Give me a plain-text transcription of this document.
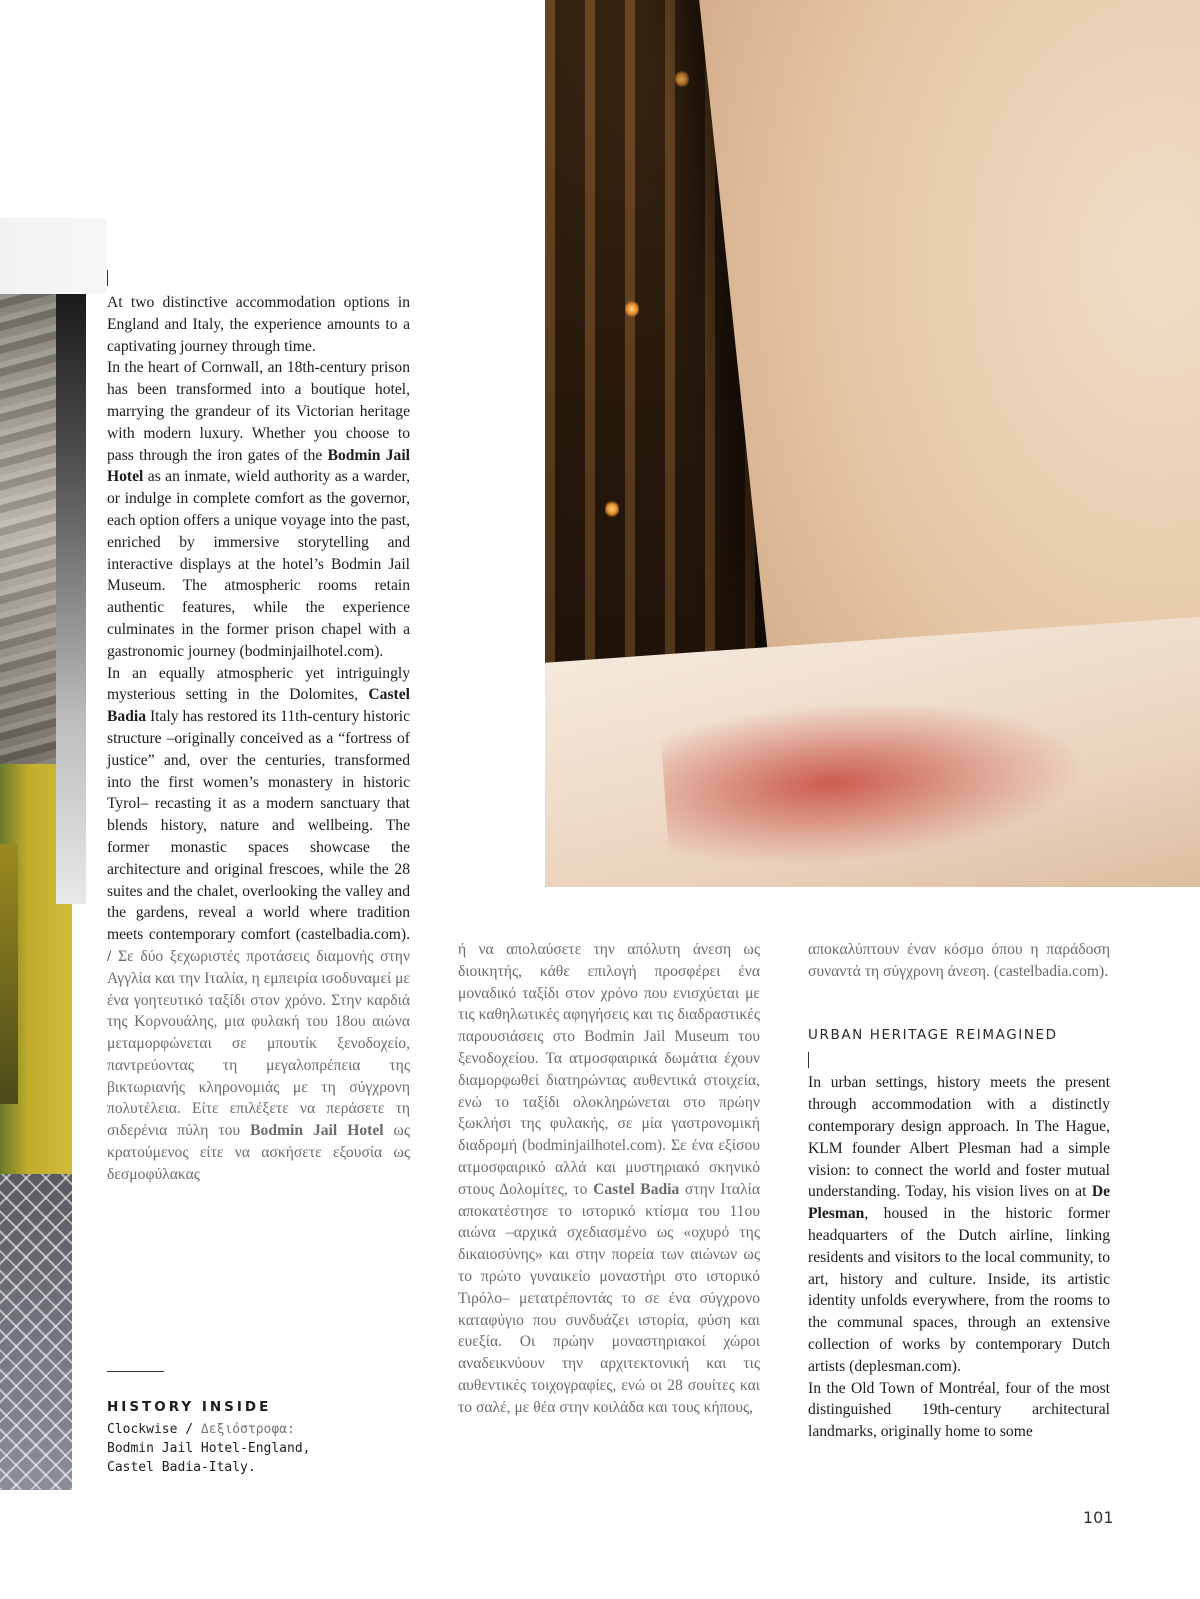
At two distinctive accommodation options in England and Italy, the experience amounts to a captivating journey through time.

In the heart of Cornwall, an 18th-century prison has been transformed into a boutique hotel, marrying the grandeur of its Victorian heritage with modern luxury. Whether you choose to pass through the iron gates of the Bodmin Jail Hotel as an inmate, wield authority as a warder, or indulge in complete comfort as the governor, each option offers a unique voyage into the past, enriched by immersive storytelling and interactive displays at the hotel’s Bodmin Jail Museum. The atmospheric rooms retain authentic features, while the experience culminates in the former prison chapel with a gastronomic journey (bodminjailhotel.com).

In an equally atmospheric yet intriguingly mysterious setting in the Dolomites, Castel Badia Italy has restored its 11th-century historic structure –originally conceived as a “fortress of justice” and, over the centuries, transformed into the first women’s monastery in historic Tyrol– recasting it as a modern sanctuary that blends history, nature and wellbeing. The former monastic spaces showcase the architecture and original frescoes, while the 28 suites and the chalet, overlooking the valley and the gardens, reveal a world where tradition meets contemporary comfort (castelbadia.com). / Σε δύο ξεχωριστές προτάσεις διαμονής στην Αγγλία και την Ιταλία, η εμπειρία ισοδυναμεί με ένα γοητευτικό ταξίδι στον χρόνο. Στην καρδιά της Κορνουάλης, μια φυλακή του 18ου αιώνα μεταμορφώνεται σε μπουτίκ ξενοδοχείο, παντρεύοντας τη μεγαλοπρέπεια της βικτωριανής κληρονομιάς με τη σύγχρονη πολυτέλεια. Είτε επιλέξετε να περάσετε τη σιδερένια πύλη του Bodmin Jail Hotel ως κρατούμενος είτε να ασκήσετε εξουσία ως δεσμοφύλακας

ή να απολαύσετε την απόλυτη άνεση ως διοικητής, κάθε επιλογή προσφέρει ένα μοναδικό ταξίδι στον χρόνο που ενισχύεται με τις καθηλωτικές αφηγήσεις και τις διαδραστικές παρουσιάσεις στο Bodmin Jail Museum του ξενοδοχείου. Τα ατμοσφαιρικά δωμάτια έχουν διαμορφωθεί διατηρώντας αυθεντικά στοιχεία, ενώ το ταξίδι ολοκληρώνεται στο πρώην ξωκλήσι της φυλακής, σε μία γαστρονομική διαδρομή (bodminjailhotel.com). Σε ένα εξίσου ατμοσφαιρικό αλλά και μυστηριακό σκηνικό στους Δολομίτες, το Castel Badia στην Ιταλία αποκατέστησε το ιστορικό κτίσμα του 11ου αιώνα –αρχικά σχεδιασμένο ως «οχυρό της δικαιοσύνης» και στην πορεία των αιώνων ως το πρώτο γυναικείο μοναστήρι στο ιστορικό Τιρόλο– μετατρέποντάς το σε ένα σύγχρονο καταφύγιο που συνδυάζει ιστορία, φύση και ευεξία. Οι πρώην μοναστηριακοί χώροι αναδεικνύουν την αρχιτεκτονική και τις αυθεντικές τοιχογραφίες, ενώ οι 28 σουίτες και το σαλέ, με θέα στην κοιλάδα και τους κήπους,

αποκαλύπτουν έναν κόσμο όπου η παράδοση συναντά τη σύγχρονη άνεση. (castelbadia.com).

URBAN HERITAGE REIMAGINED

In urban settings, history meets the present through accommodation with a distinctly contemporary design approach. In The Hague, KLM founder Albert Plesman had a simple vision: to connect the world and foster mutual understanding. Today, his vision lives on at De Plesman, housed in the historic former headquarters of the Dutch airline, linking residents and visitors to the local community, to art, history and culture. Inside, its artistic identity unfolds everywhere, from the rooms to the communal spaces, through an extensive collection of works by contemporary Dutch artists (deplesman.com).

In the Old Town of Montréal, four of the most distinguished 19th-century architectural landmarks, originally home to some

HISTORY INSIDE
Clockwise / Δεξιόστροφα:
Bodmin Jail Hotel-England,
Castel Badia-Italy.
101
